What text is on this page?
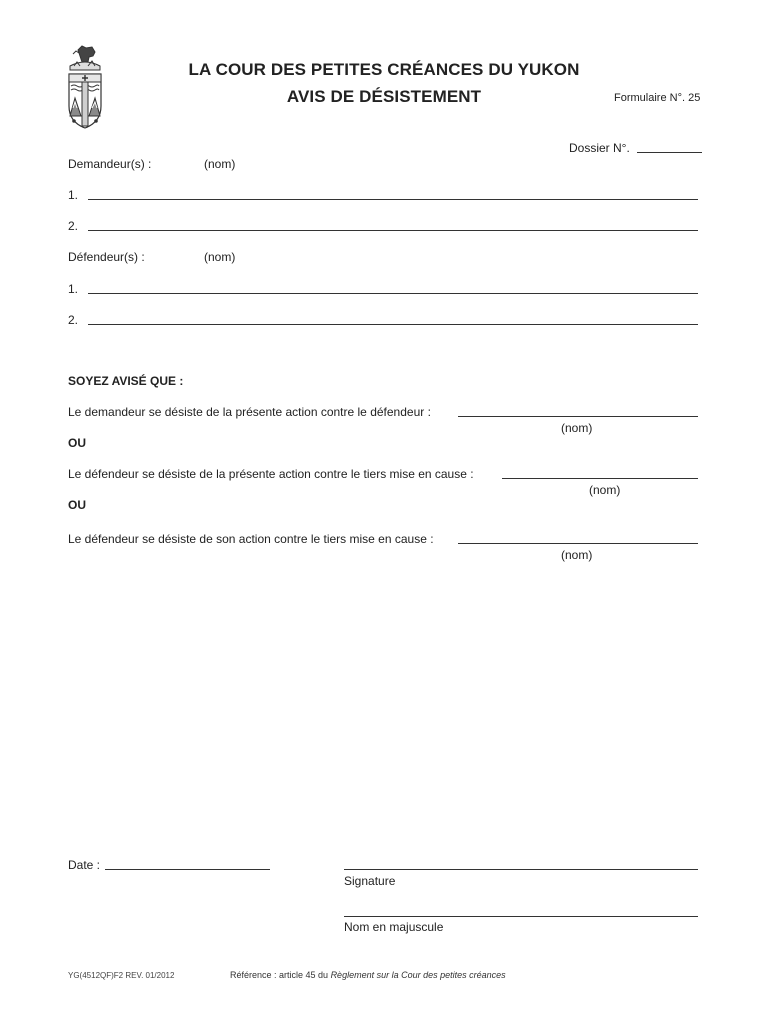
LA COUR DES PETITES CRÉANCES DU YUKON
AVIS DE DÉSISTEMENT	Formulaire N°. 25
Dossier N°.
Demandeur(s) :	(nom)
1.
2.
Défendeur(s) :	(nom)
1.
2.
SOYEZ AVISÉ QUE :
Le demandeur se désiste de la présente action contre le défendeur :
(nom)
OU
Le défendeur se désiste de la présente action contre le tiers mise en cause :
(nom)
OU
Le défendeur se désiste de son action contre le tiers mise en cause :
(nom)
Date :
Signature
Nom en majuscule
YG(4512QF)F2 REV. 01/2012	Référence : article 45 du Règlement sur la Cour des petites créances
